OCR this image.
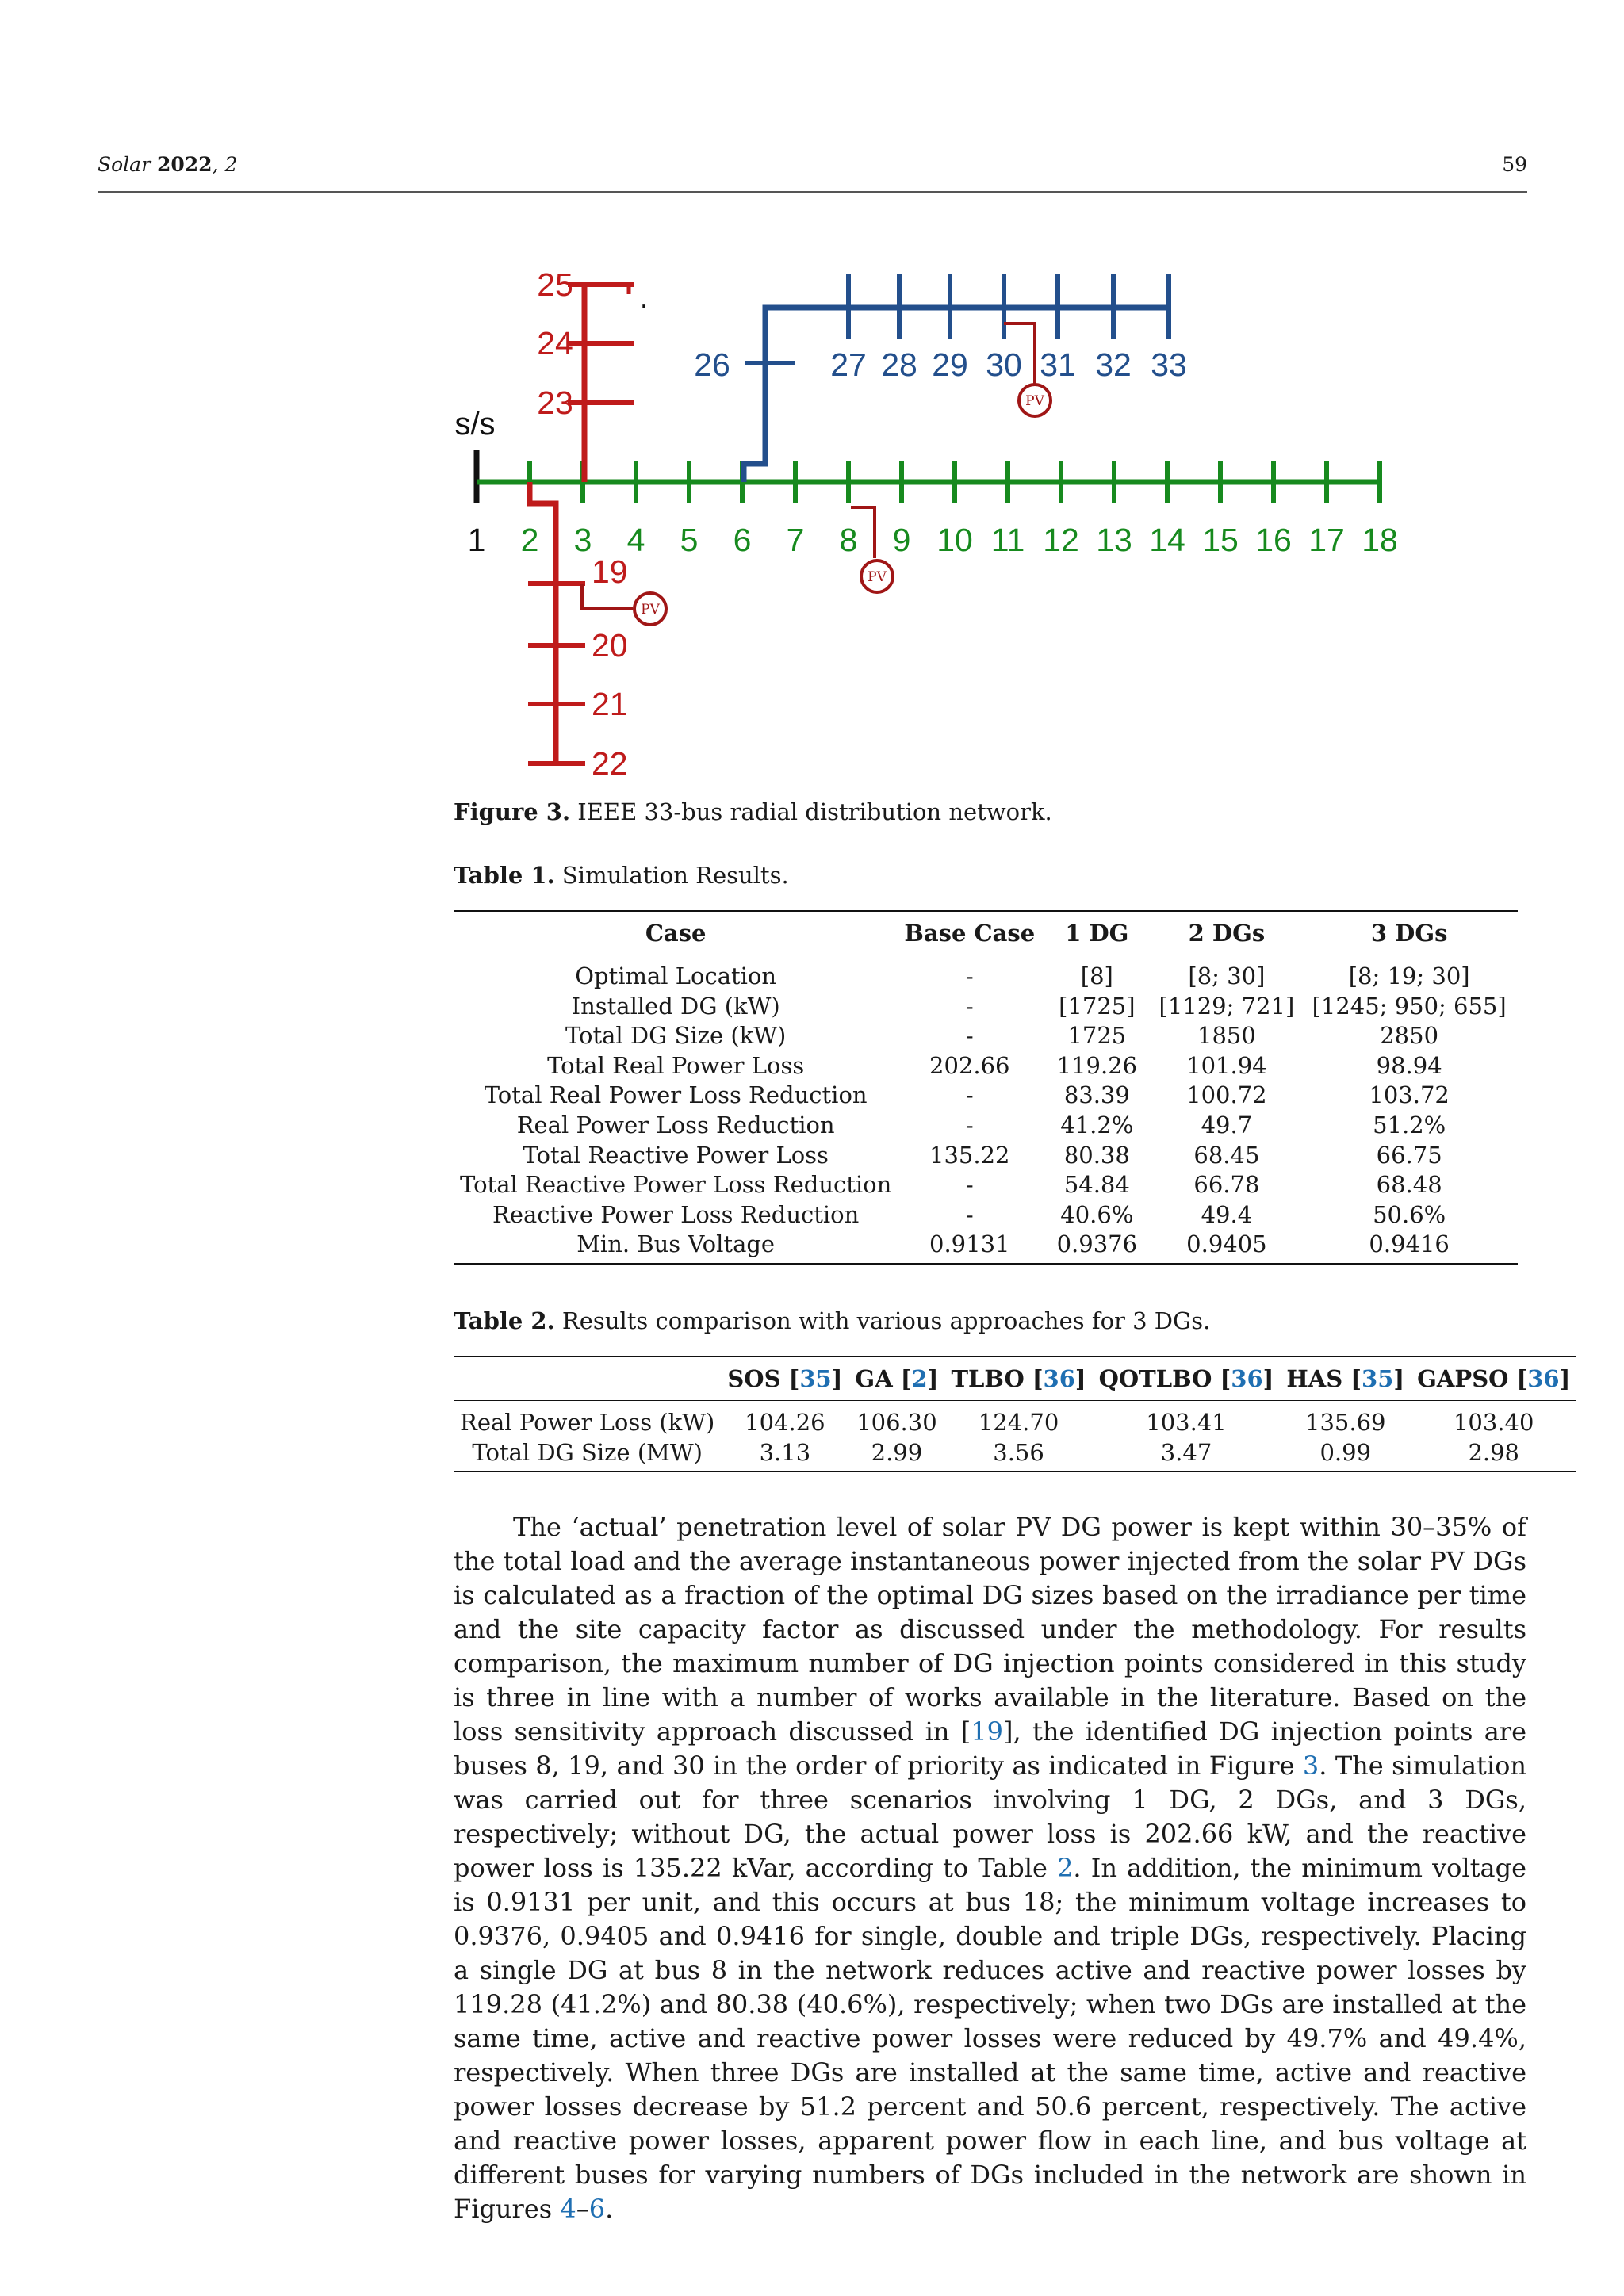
Solar 2022, 2	59
s/s
1 2 3 4 5 6 7 8 9 10 11 12 13 14 15 16 17 18
25
24
23
.
26	27 28 29 30 31 32 33
PV
19
20
21
22
PV
PV
Figure 3. IEEE 33-bus radial distribution network.
Table 1. Simulation Results.
Case	Base Case	1 DG	2 DGs	3 DGs
Optimal Location	-	[8]	[8; 30]	[8; 19; 30]
Installed DG (kW)	-	[1725]	[1129; 721]	[1245; 950; 655]
Total DG Size (kW)	-	1725	1850	2850
Total Real Power Loss	202.66	119.26	101.94	98.94
Total Real Power Loss Reduction	-	83.39	100.72	103.72
Real Power Loss Reduction	-	41.2%	49.7	51.2%
Total Reactive Power Loss	135.22	80.38	68.45	66.75
Total Reactive Power Loss Reduction	-	54.84	66.78	68.48
Reactive Power Loss Reduction	-	40.6%	49.4	50.6%
Min. Bus Voltage	0.9131	0.9376	0.9405	0.9416
Table 2. Results comparison with various approaches for 3 DGs.
	SOS [35]	GA [2]	TLBO [36]	QOTLBO [36]	HAS [35]	GAPSO [36]
Real Power Loss (kW)	104.26	106.30	124.70	103.41	135.69	103.40
Total DG Size (MW)	3.13	2.99	3.56	3.47	0.99	2.98

The ‘actual’ penetration level of solar PV DG power is kept within 30–35% of the total load and the average instantaneous power injected from the solar PV DGs is calculated as a fraction of the optimal DG sizes based on the irradiance per time and the site capacity factor as discussed under the methodology. For results comparison, the maximum number of DG injection points considered in this study is three in line with a number of works available in the literature. Based on the loss sensitivity approach discussed in [19], the identified DG injection points are buses 8, 19, and 30 in the order of priority as indicated in Figure 3. The simulation was carried out for three scenarios involving 1 DG, 2 DGs, and 3 DGs, respectively; without DG, the actual power loss is 202.66 kW, and the reactive power loss is 135.22 kVar, according to Table 2. In addition, the minimum voltage is 0.9131 per unit, and this occurs at bus 18; the minimum voltage increases to 0.9376, 0.9405 and 0.9416 for single, double and triple DGs, respectively. Placing a single DG at bus 8 in the network reduces active and reactive power losses by 119.28 (41.2%) and 80.38 (40.6%), respectively; when two DGs are installed at the same time, active and reactive power losses were reduced by 49.7% and 49.4%, respectively. When three DGs are installed at the same time, active and reactive power losses decrease by 51.2 percent and 50.6 percent, respectively. The active and reactive power losses, apparent power flow in each line, and bus voltage at different buses for varying numbers of DGs included in the network are shown in Figures 4–6.
